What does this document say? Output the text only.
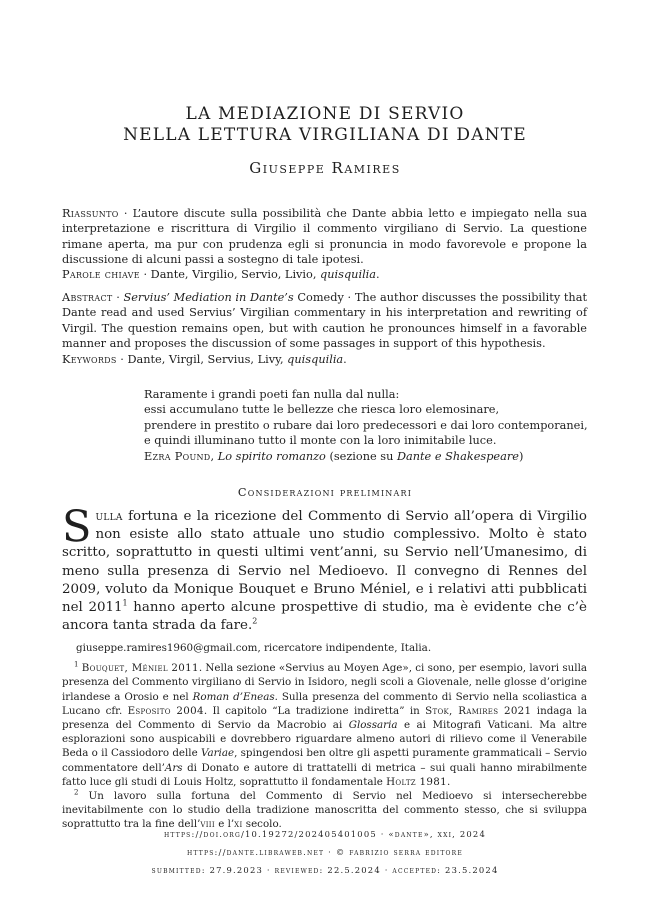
LA MEDIAZIONE DI SERVIO
NELLA LETTURA VIRGILIANA DI DANTE
Giuseppe Ramires
Riassunto · L’autore discute sulla possibilità che Dante abbia letto e impiegato nella sua interpretazione e riscrittura di Virgilio il commento virgiliano di Servio. La questione rimane aperta, ma pur con prudenza egli si pronuncia in modo favorevole e propone la discussione di alcuni passi a sostegno di tale ipotesi.
Parole chiave · Dante, Virgilio, Servio, Livio, quisquilia.
Abstract · Servius’ Mediation in Dante’s Comedy · The author discusses the possibility that Dante read and used Servius’ Virgilian commentary in his interpretation and rewriting of Virgil. The question remains open, but with caution he pronounces himself in a favorable manner and proposes the discussion of some passages in support of this hypothesis.
Keywords · Dante, Virgil, Servius, Livy, quisquilia.
Raramente i grandi poeti fan nulla dal nulla:
essi accumulano tutte le bellezze che riesca loro elemosinare,
prendere in prestito o rubare dai loro predecessori e dai loro contemporanei,
e quindi illuminano tutto il monte con la loro inimitabile luce.
Ezra Pound, Lo spirito romanzo (sezione su Dante e Shakespeare)
Considerazioni preliminari
Sulla fortuna e la ricezione del Commento di Servio all’opera di Virgilio non esiste allo stato attuale uno studio complessivo. Molto è stato scritto, soprattutto in questi ultimi vent’anni, su Servio nell’Umanesimo, di meno sulla presenza di Servio nel Medioevo. Il convegno di Rennes del 2009, voluto da Monique Bouquet e Bruno Méniel, e i relativi atti pubblicati nel 2011$^1$ hanno aperto alcune prospettive di studio, ma è evidente che c’è ancora tanta strada da fare.$^2$

giuseppe.ramires1960@gmail.com, ricercatore indipendente, Italia.

$^1$ Bouquet, Méniel 2011. Nella sezione «Servius au Moyen Age», ci sono, per esempio, lavori sulla presenza del Commento virgiliano di Servio in Isidoro, negli scoli a Giovenale, nelle glosse d’origine irlandese a Orosio e nel Roman d’Eneas. Sulla presenza del commento di Servio nella scoliastica a Lucano cfr. Esposito 2004. Il capitolo “La tradizione indiretta” in Stok, Ramires 2021 indaga la presenza del Commento di Servio da Macrobio ai Glossaria e ai Mitografi Vaticani. Ma altre esplorazioni sono auspicabili e dovrebbero riguardare almeno autori di rilievo come il Venerabile Beda o il Cassiodoro delle Variae, spingendosi ben oltre gli aspetti puramente grammaticali – Servio commentatore dell’Ars di Donato e autore di trattatelli di metrica – sui quali hanno mirabilmente fatto luce gli studi di Louis Holtz, soprattutto il fondamentale Holtz 1981.

$^2$ Un lavoro sulla fortuna del Commento di Servio nel Medioevo si intersecherebbe inevitabilmente con lo studio della tradizione manoscritta del commento stesso, che si sviluppa soprattutto tra la fine dell’viii e l’xi secolo.

https://doi.org/10.19272/202405401005 · «dante», xxi, 2024
https://dante.libraweb.net · © fabrizio serra editore
submitted: 27.9.2023 · reviewed: 22.5.2024 · accepted: 23.5.2024
